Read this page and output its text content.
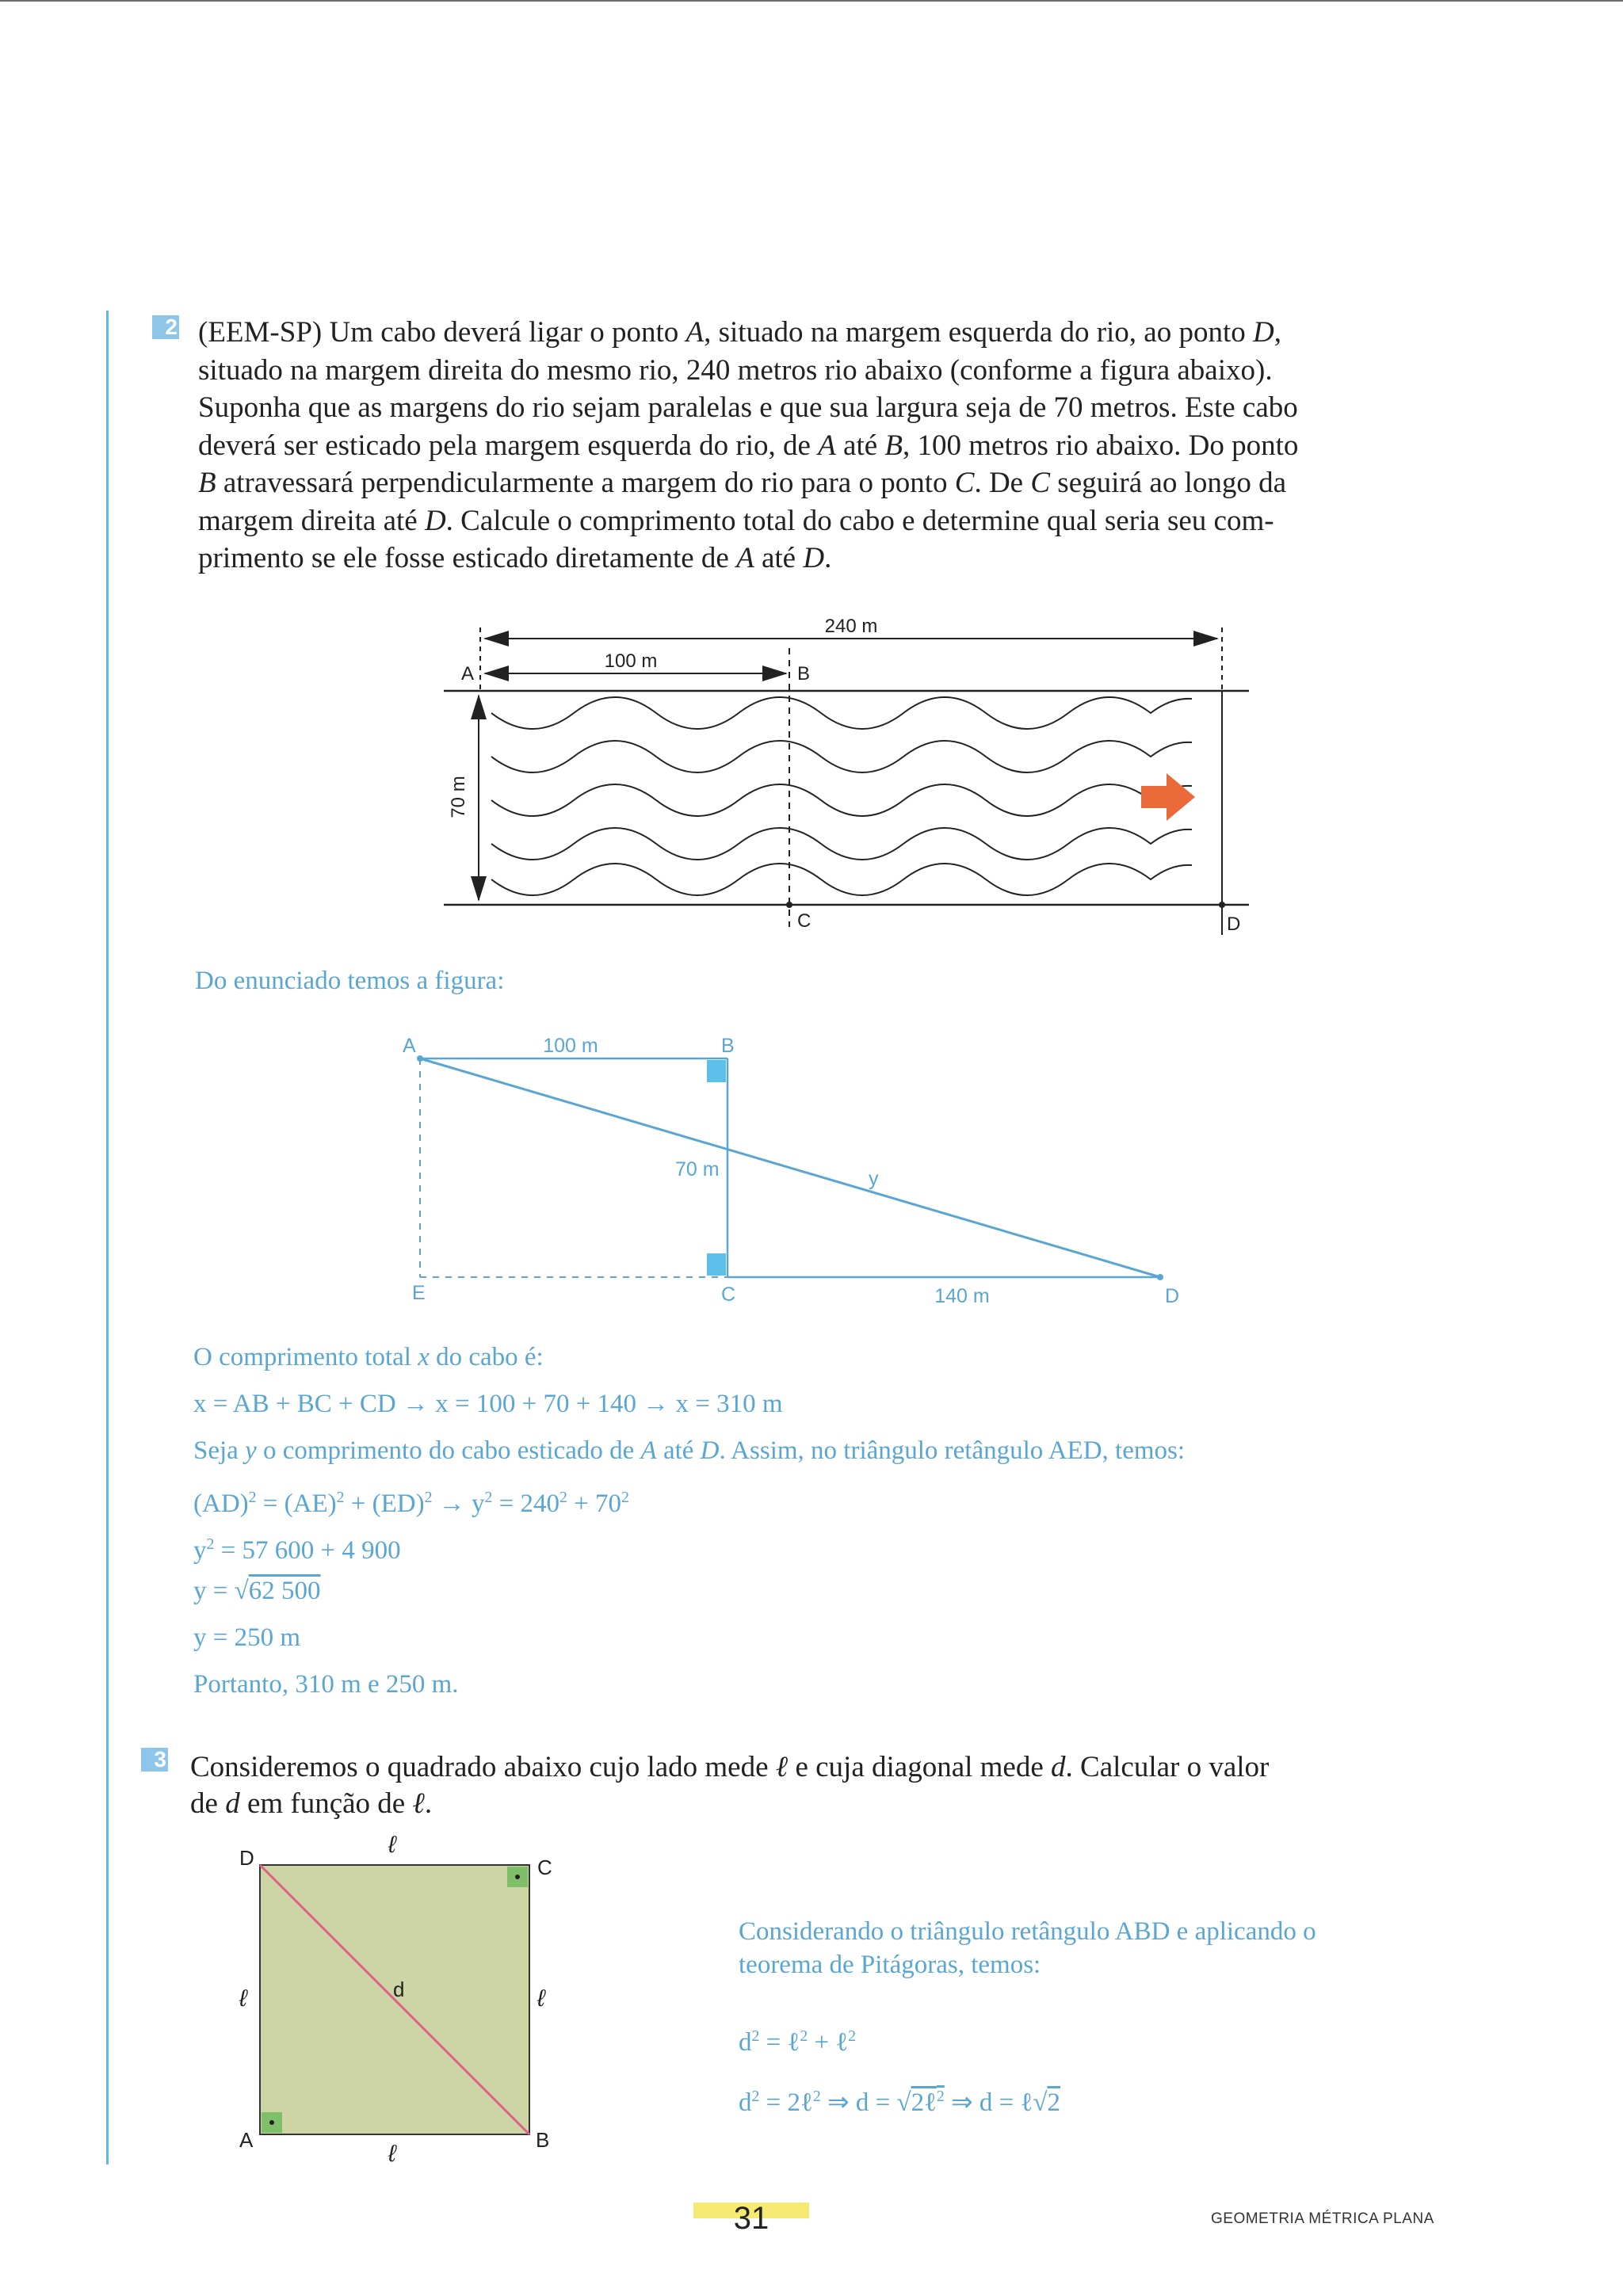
2 (EEM-SP) Um cabo deverá ligar o ponto A, situado na margem esquerda do rio, ao ponto D,
situado na margem direita do mesmo rio, 240 metros rio abaixo (conforme a figura abaixo).
Suponha que as margens do rio sejam paralelas e que sua largura seja de 70 metros. Este cabo
deverá ser esticado pela margem esquerda do rio, de A até B, 100 metros rio abaixo. Do ponto
B atravessará perpendicularmente a margem do rio para o ponto C. De C seguirá ao longo da
margem direita até D. Calcule o comprimento total do cabo e determine qual seria seu com-
primento se ele fosse esticado diretamente de A até D.
240 m
100 m
70 m
A	B
C	D
Do enunciado temos a figura:
A	B
E	C	D
100 m
70 m
140 m
y
O comprimento total x do cabo é:
x = AB + BC + CD → x = 100 + 70 + 140 → x = 310 m
Seja y o comprimento do cabo esticado de A até D. Assim, no triângulo retângulo AED, temos:
$(AD)^2 = (AE)^2 + (ED)^2 \to y^2 = 240^2 + 70^2$
$y^2 = 57$ 600 + 4 900
y = √62 500
y = 250 m
Portanto, 310 m e 250 m.
3 Consideremos o quadrado abaixo cujo lado mede ℓ e cuja diagonal mede d. Calcular o valor
de d em função de ℓ.
D	C
A	B
d
ℓ
ℓ	ℓ
ℓ
Considerando o triângulo retângulo ABD e aplicando o
teorema de Pitágoras, temos:
$d^2$ = ℓ$^2$ + ℓ$^2$
$d^2$ = 2ℓ$^2$ ⇒ d = √2ℓ$^2$ ⇒ d = ℓ√2
31	GEOMETRIA MÉTRICA PLANA
